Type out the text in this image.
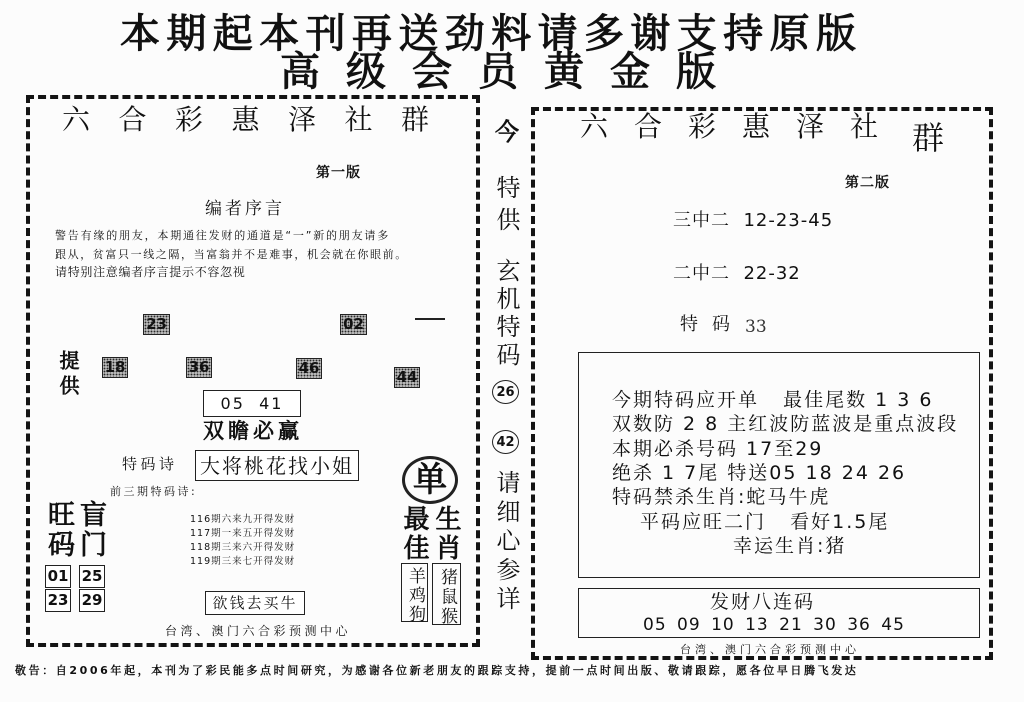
本期起本刊再送劲料请多谢支持原版
高级会员黄金版
六合彩惠泽社群
第一版
编者序言
警告有缘的朋友，本期通往发财的通道是“一”新的朋友请多
跟从，贫富只一线之隔，当富翁并不是难事，机会就在你眼前。
请特别注意编者序言提示不容忽视
23	02
提供 18	36	46	44
05  41
双瞻必赢
特码诗 大将桃花找小姐
前三期特码诗:
116期六来九开得发财
117期一来五开得发财
118期三来六开得发财
119期三来七开得发财
旺码 盲门
01 25
23 29
单
最佳 生肖
羊鸡狗 猪鼠猴
欲钱去买牛
台湾、澳门六合彩预测中心
今
特供
玄机特码
26
42
请细心参详
六合彩惠泽社 群
第二版
三中二  12-23-45
二中二  22-32
特码 33
今期特码应开单   最佳尾数 1 3 6
双数防 2 8 主红波防蓝波是重点波段
本期必杀号码 17至29
绝杀 1 7尾 特送05 18 24 26
特码禁杀生肖:蛇马牛虎
平码应旺二门   看好1.5尾
幸运生肖:猪
发财八连码
05 09 10 13 21 30 36 45
台湾、澳门六合彩预测中心
敬告：自2006年起，本刊为了彩民能多点时间研究，为感谢各位新老朋友的跟踪支持，提前一点时间出版、敬请跟踪，愿各位早日腾飞发达
